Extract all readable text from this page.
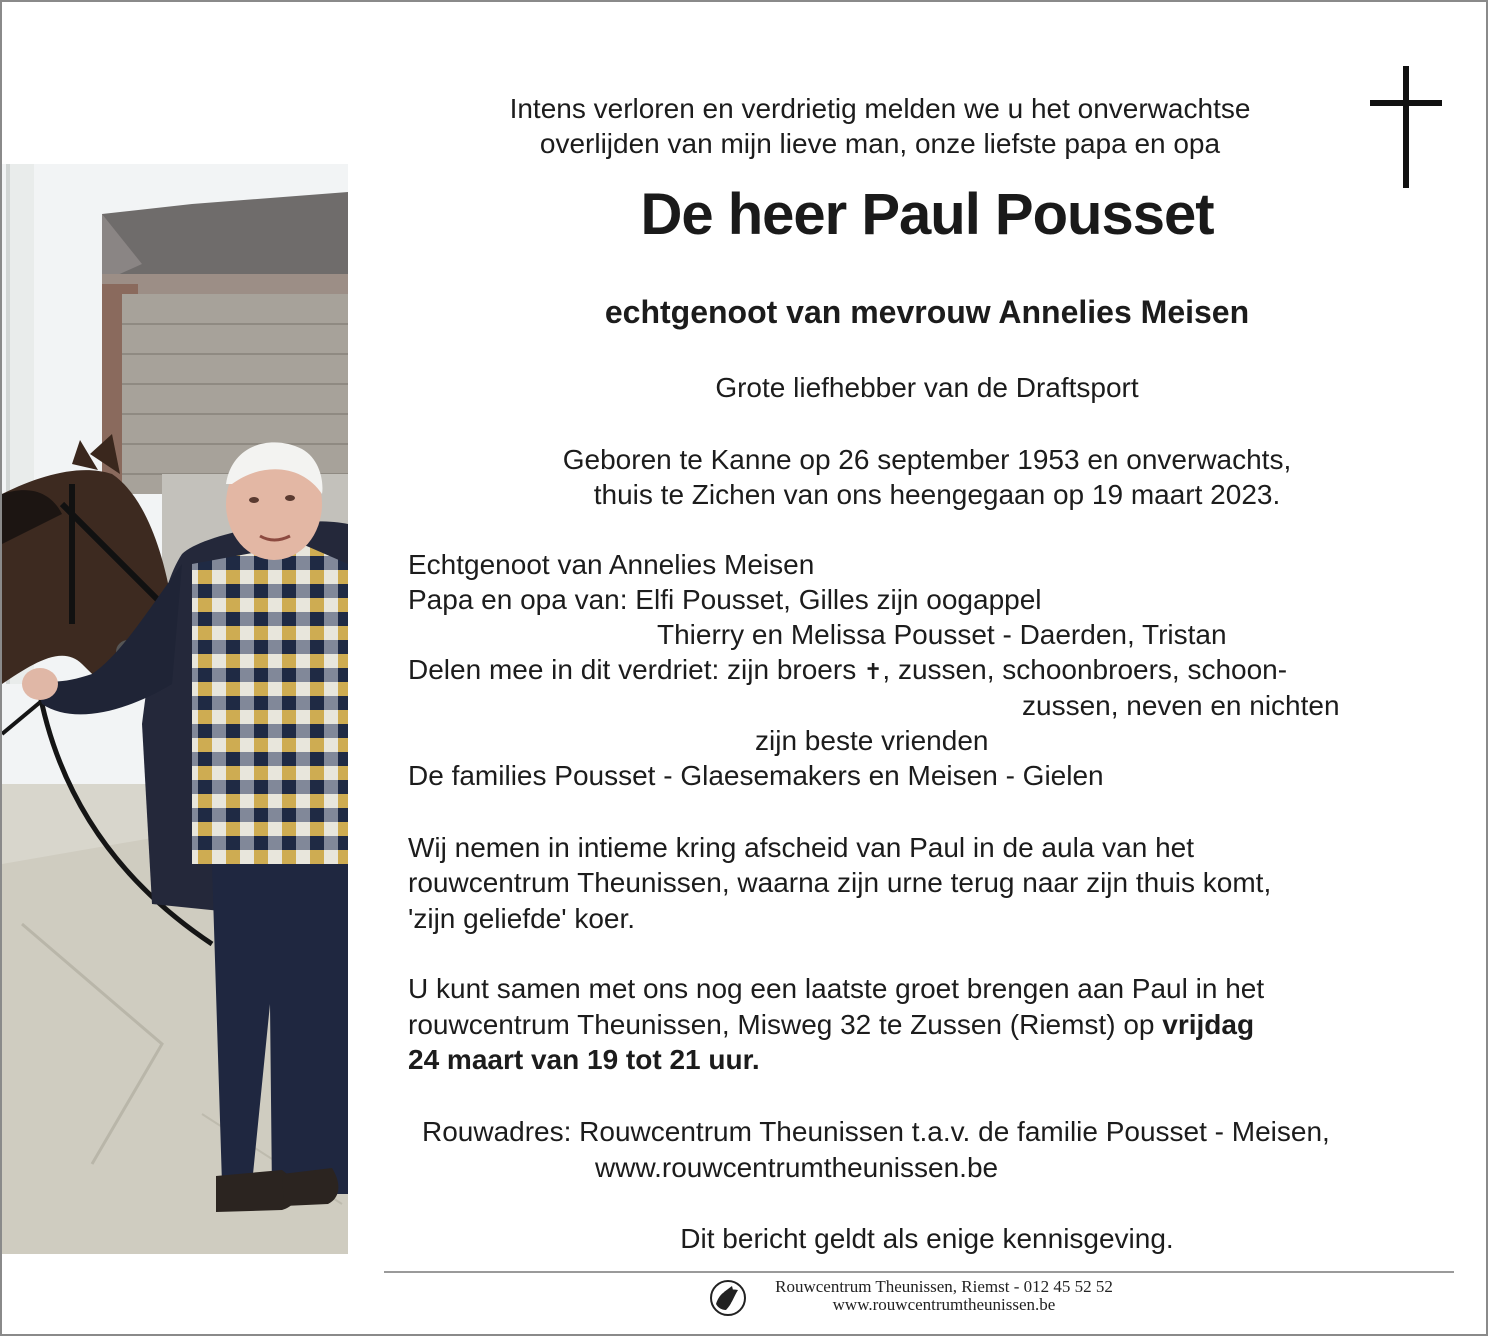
Intens verloren en verdrietig melden we u het onverwachtse
overlijden van mijn lieve man, onze liefste papa en opa
De heer Paul Pousset
echtgenoot van mevrouw Annelies Meisen
Grote liefhebber van de Draftsport
Geboren te Kanne op 26 september 1953 en onverwachts,
thuis te Zichen van ons heengegaan op 19 maart 2023.
Echtgenoot van Annelies Meisen
Papa en opa van: Elfi Pousset, Gilles zijn oogappel
Thierry en Melissa Pousset - Daerden, Tristan
Delen mee in dit verdriet: zijn broers ✝, zussen, schoonbroers, schoon-
zussen, neven en nichten
zijn beste vrienden
De families Pousset - Glaesemakers en Meisen - Gielen
Wij nemen in intieme kring afscheid van Paul in de aula van het
rouwcentrum Theunissen, waarna zijn urne terug naar zijn thuis komt,
'zijn geliefde' koer.
U kunt samen met ons nog een laatste groet brengen aan Paul in het
rouwcentrum Theunissen, Misweg 32 te Zussen (Riemst) op vrijdag
24 maart van 19 tot 21 uur.
Rouwadres: Rouwcentrum Theunissen t.a.v. de familie Pousset - Meisen,
www.rouwcentrumtheunissen.be
Dit bericht geldt als enige kennisgeving.
Rouwcentrum Theunissen, Riemst - 012 45 52 52
www.rouwcentrumtheunissen.be
